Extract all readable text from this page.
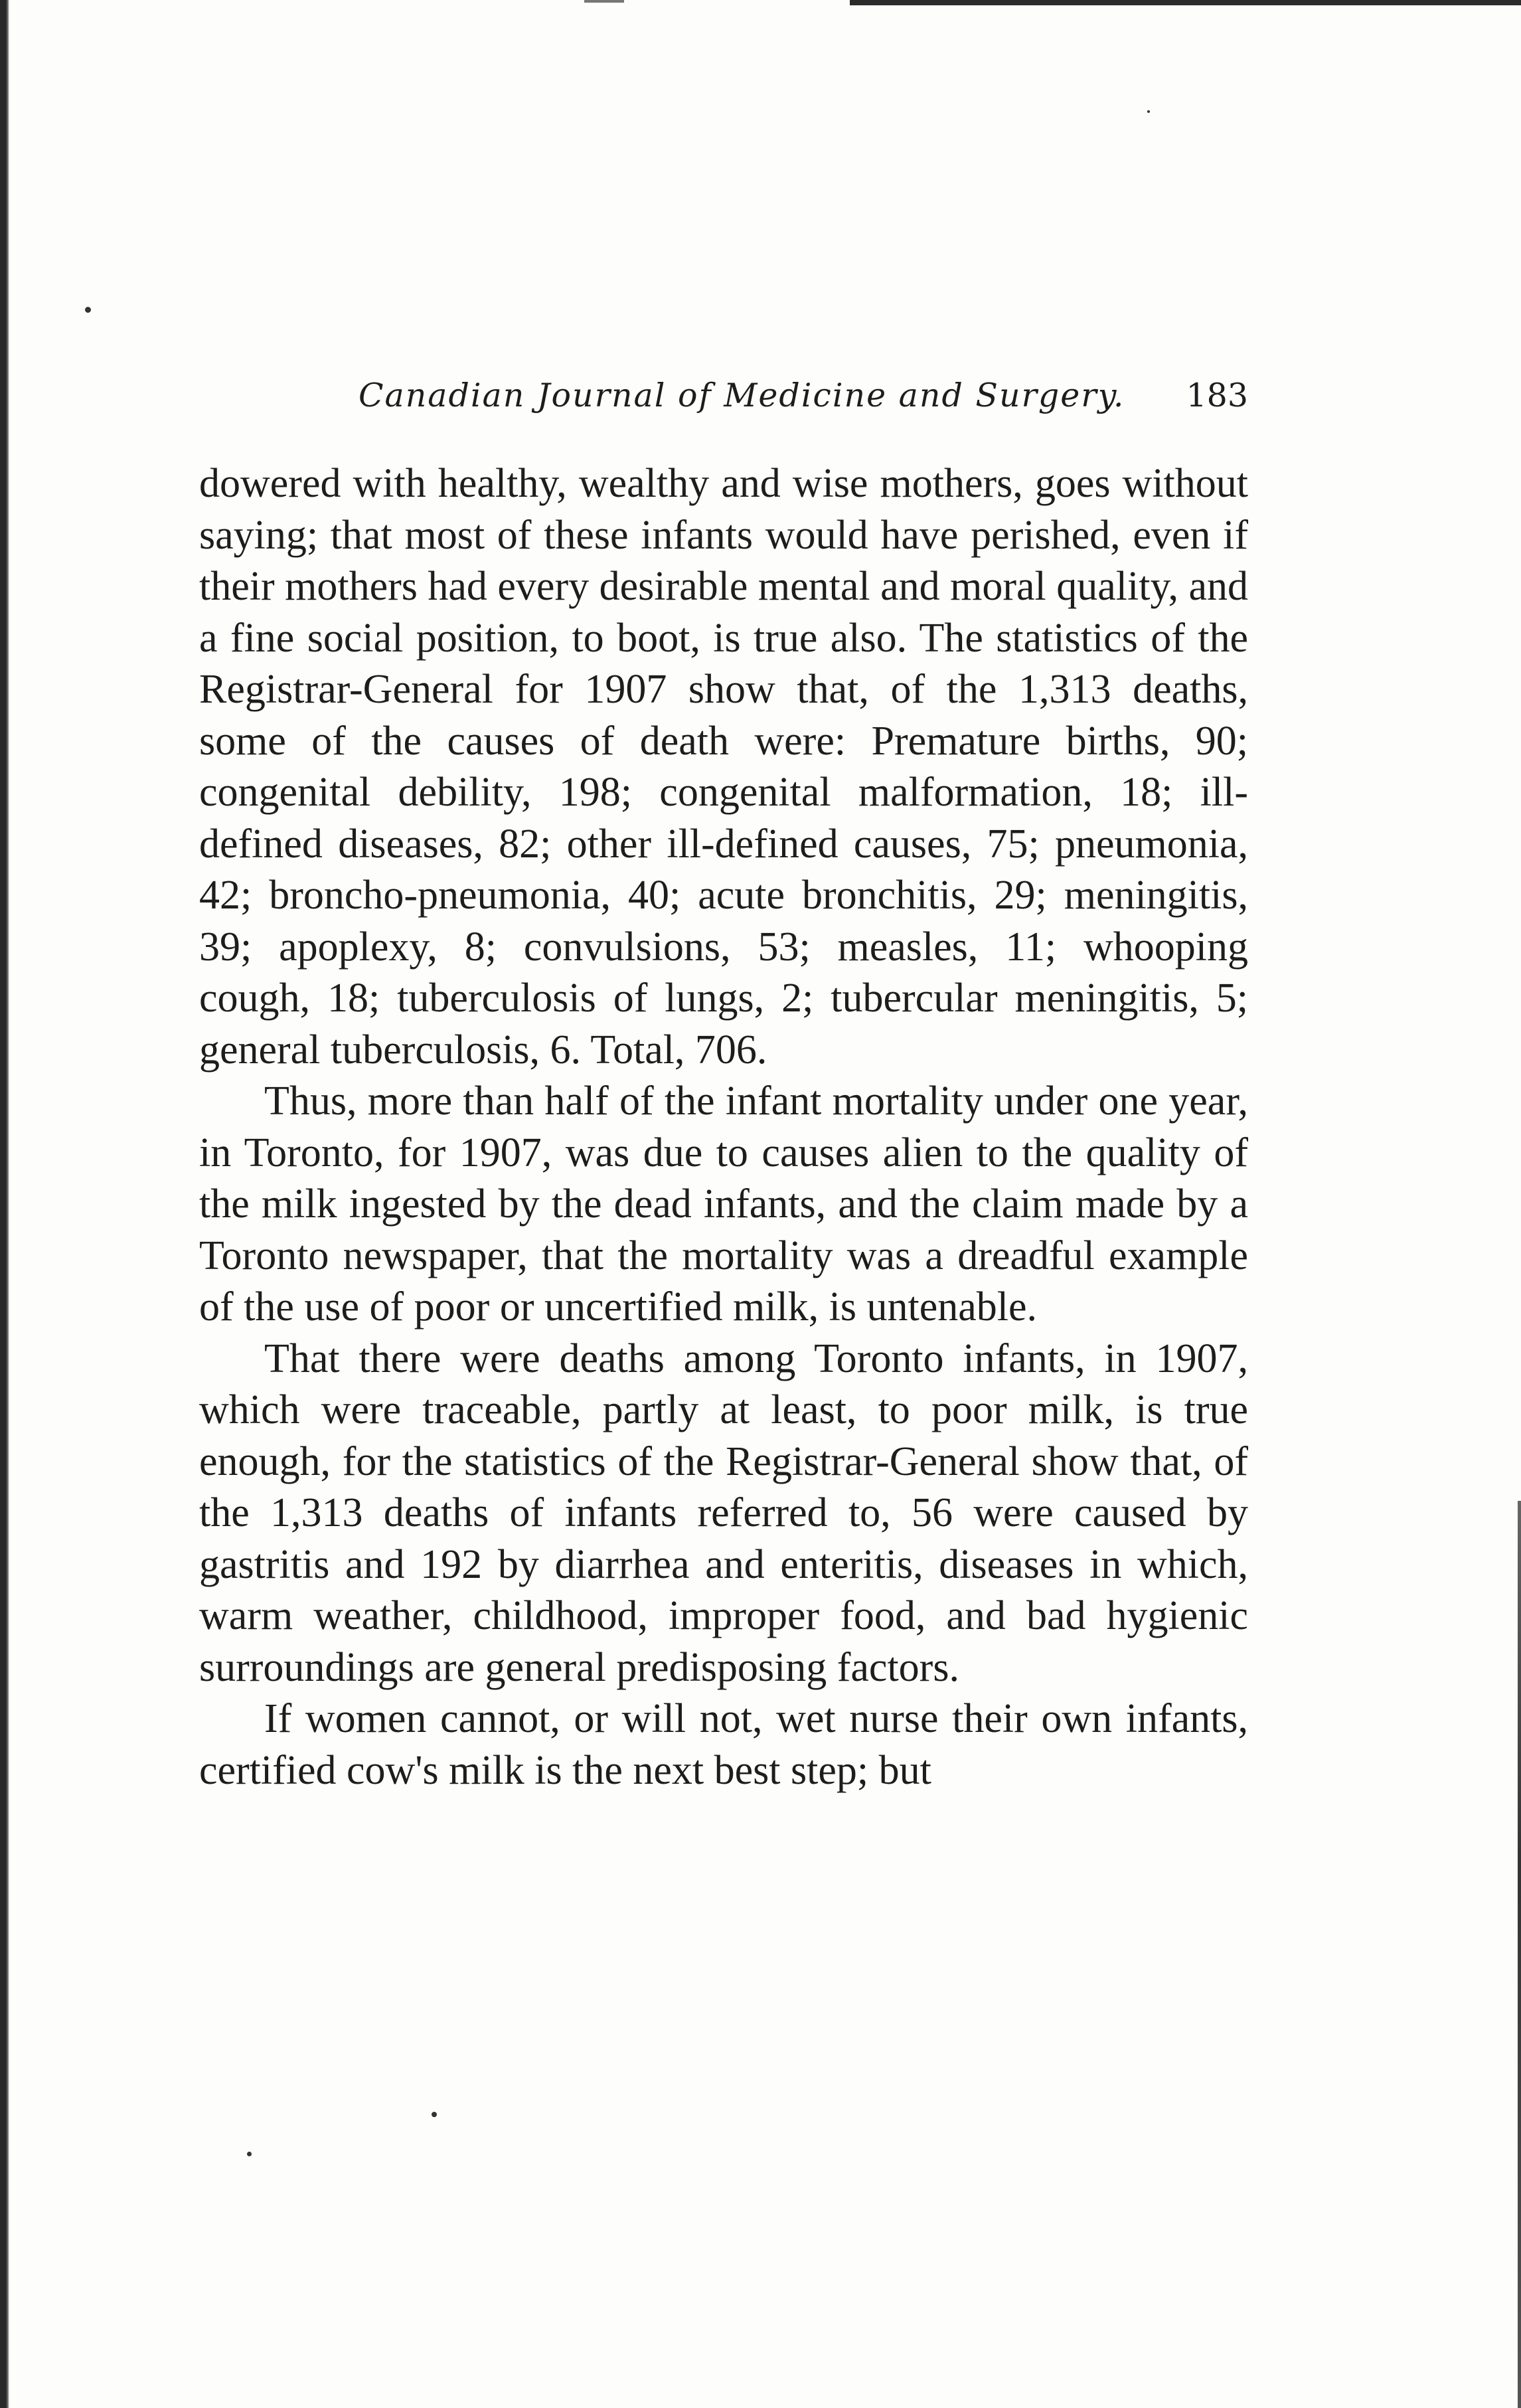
Canadian Journal of Medicine and Surgery. 183

dowered with healthy, wealthy and wise mothers, goes without saying; that most of these infants would have perished, even if their mothers had every desirable mental and moral quality, and a fine social position, to boot, is true also. The statistics of the Registrar-General for 1907 show that, of the 1,313 deaths, some of the causes of death were: Premature births, 90; congenital debility, 198; congenital malformation, 18; ill-defined diseases, 82; other ill-defined causes, 75; pneumonia, 42; broncho-pneumonia, 40; acute bronchitis, 29; meningitis, 39; apoplexy, 8; convulsions, 53; measles, 11; whooping cough, 18; tuberculosis of lungs, 2; tubercular meningitis, 5; general tuberculosis, 6. Total, 706.

Thus, more than half of the infant mortality under one year, in Toronto, for 1907, was due to causes alien to the quality of the milk ingested by the dead infants, and the claim made by a Toronto newspaper, that the mortality was a dreadful example of the use of poor or uncertified milk, is untenable.

That there were deaths among Toronto infants, in 1907, which were traceable, partly at least, to poor milk, is true enough, for the statistics of the Registrar-General show that, of the 1,313 deaths of infants referred to, 56 were caused by gastritis and 192 by diarrhea and enteritis, diseases in which, warm weather, childhood, improper food, and bad hygienic surroundings are general predisposing factors.

If women cannot, or will not, wet nurse their own infants, certified cow's milk is the next best step; but
